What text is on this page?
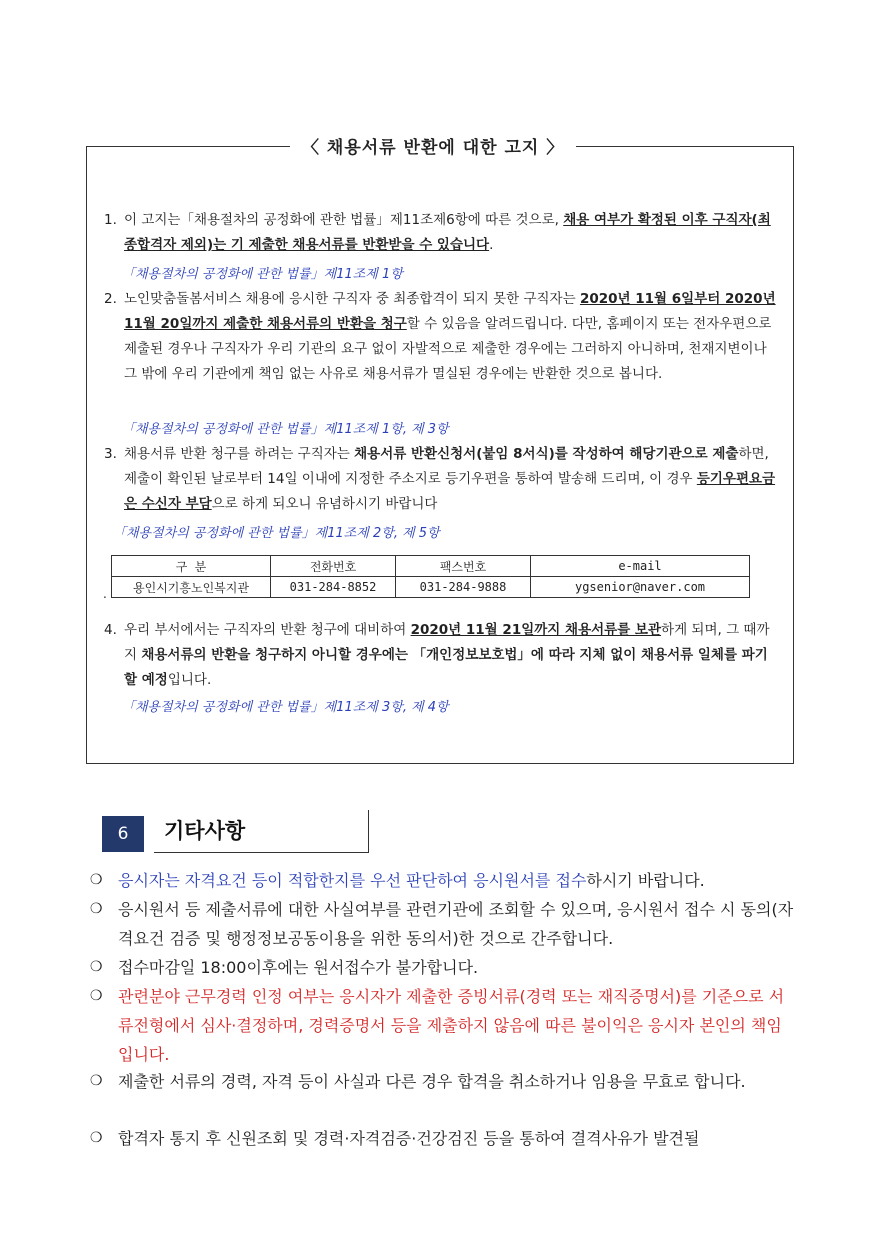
〈 채용서류 반환에 대한 고지 〉
1. 이 고지는「채용절차의 공정화에 관한 법률」제11조제6항에 따른 것으로, 채용 여부가 확정된 이후 구직자(최종합격자 제외)는 기 제출한 채용서류를 반환받을 수 있습니다.
「채용절차의 공정화에 관한 법률」제11조제 1항
2. 노인맞춤돌봄서비스 채용에 응시한 구직자 중 최종합격이 되지 못한 구직자는 2020년 11월 6일부터 2020년 11월 20일까지 제출한 채용서류의 반환을 청구할 수 있음을 알려드립니다. 다만, 홈페이지 또는 전자우편으로 제출된 경우나 구직자가 우리 기관의 요구 없이 자발적으로 제출한 경우에는 그러하지 아니하며, 천재지변이나 그 밖에 우리 기관에게 책임 없는 사유로 채용서류가 멸실된 경우에는 반환한 것으로 봅니다.
「채용절차의 공정화에 관한 법률」제11조제 1항, 제 3항
3. 채용서류 반환 청구를 하려는 구직자는 채용서류 반환신청서(붙임 8서식)를 작성하여 해당기관으로 제출하면, 제출이 확인된 날로부터 14일 이내에 지정한 주소지로 등기우편을 통하여 발송해 드리며, 이 경우 등기우편요금은 수신자 부담으로 하게 되오니 유념하시기 바랍니다
「채용절차의 공정화에 관한 법률」제11조제 2항, 제 5항
.
구 분	전화번호	팩스번호	e-mail
용인시기흥노인복지관	031-284-8852	031-284-9888	ygsenior@naver.com
4. 우리 부서에서는 구직자의 반환 청구에 대비하여 2020년 11월 21일까지 채용서류를 보관하게 되며, 그 때까지 채용서류의 반환을 청구하지 아니할 경우에는 「개인정보보호법」에 따라 지체 없이 채용서류 일체를 파기할 예정입니다.
「채용절차의 공정화에 관한 법률」제11조제 3항, 제 4항
6	기타사항
❍ 응시자는 자격요건 등이 적합한지를 우선 판단하여 응시원서를 접수하시기 바랍니다.
❍ 응시원서 등 제출서류에 대한 사실여부를 관련기관에 조회할 수 있으며, 응시원서 접수 시 동의(자격요건 검증 및 행정정보공동이용을 위한 동의서)한 것으로 간주합니다.
❍ 접수마감일 18:00이후에는 원서접수가 불가합니다.
❍ 관련분야 근무경력 인정 여부는 응시자가 제출한 증빙서류(경력 또는 재직증명서)를 기준으로 서류전형에서 심사·결정하며, 경력증명서 등을 제출하지 않음에 따른 불이익은 응시자 본인의 책임입니다.
❍ 제출한 서류의 경력, 자격 등이 사실과 다른 경우 합격을 취소하거나 임용을 무효로 합니다.
❍ 합격자 통지 후 신원조회 및 경력·자격검증·건강검진 등을 통하여 결격사유가 발견될
